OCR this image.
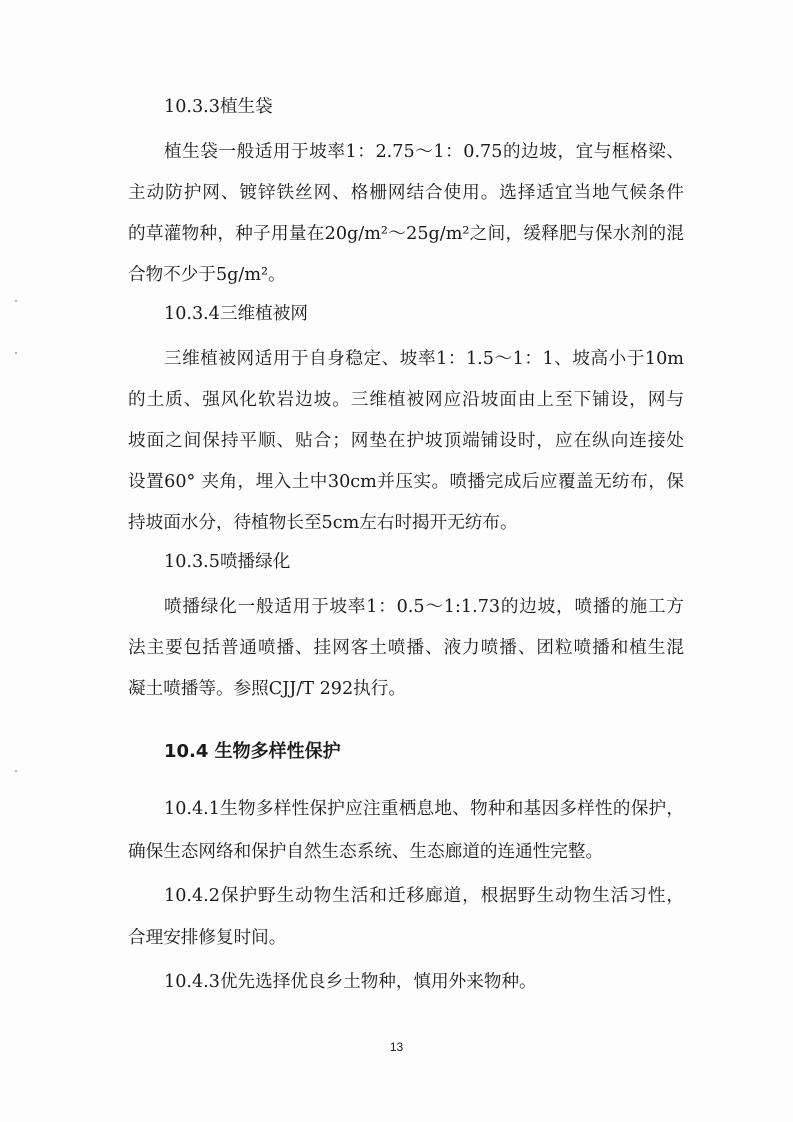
10.3.3植生袋
植生袋一般适用于坡率1：2.75～1：0.75的边坡，宜与框格梁、
主动防护网、镀锌铁丝网、格栅网结合使用。选择适宜当地气候条件
的草灌物种，种子用量在20g/m²～25g/m²之间，缓释肥与保水剂的混
合物不少于5g/m²。
10.3.4三维植被网
三维植被网适用于自身稳定、坡率1：1.5～1：1、坡高小于10m
的土质、强风化软岩边坡。三维植被网应沿坡面由上至下铺设，网与
坡面之间保持平顺、贴合；网垫在护坡顶端铺设时，应在纵向连接处
设置60° 夹角，埋入土中30cm并压实。喷播完成后应覆盖无纺布，保
持坡面水分，待植物长至5cm左右时揭开无纺布。
10.3.5喷播绿化
喷播绿化一般适用于坡率1：0.5～1:1.73的边坡，喷播的施工方
法主要包括普通喷播、挂网客土喷播、液力喷播、团粒喷播和植生混
凝土喷播等。参照CJJ/T 292执行。
10.4 生物多样性保护
10.4.1生物多样性保护应注重栖息地、物种和基因多样性的保护，
确保生态网络和保护自然生态系统、生态廊道的连通性完整。
10.4.2保护野生动物生活和迁移廊道，根据野生动物生活习性，
合理安排修复时间。
10.4.3优先选择优良乡土物种，慎用外来物种。
13
